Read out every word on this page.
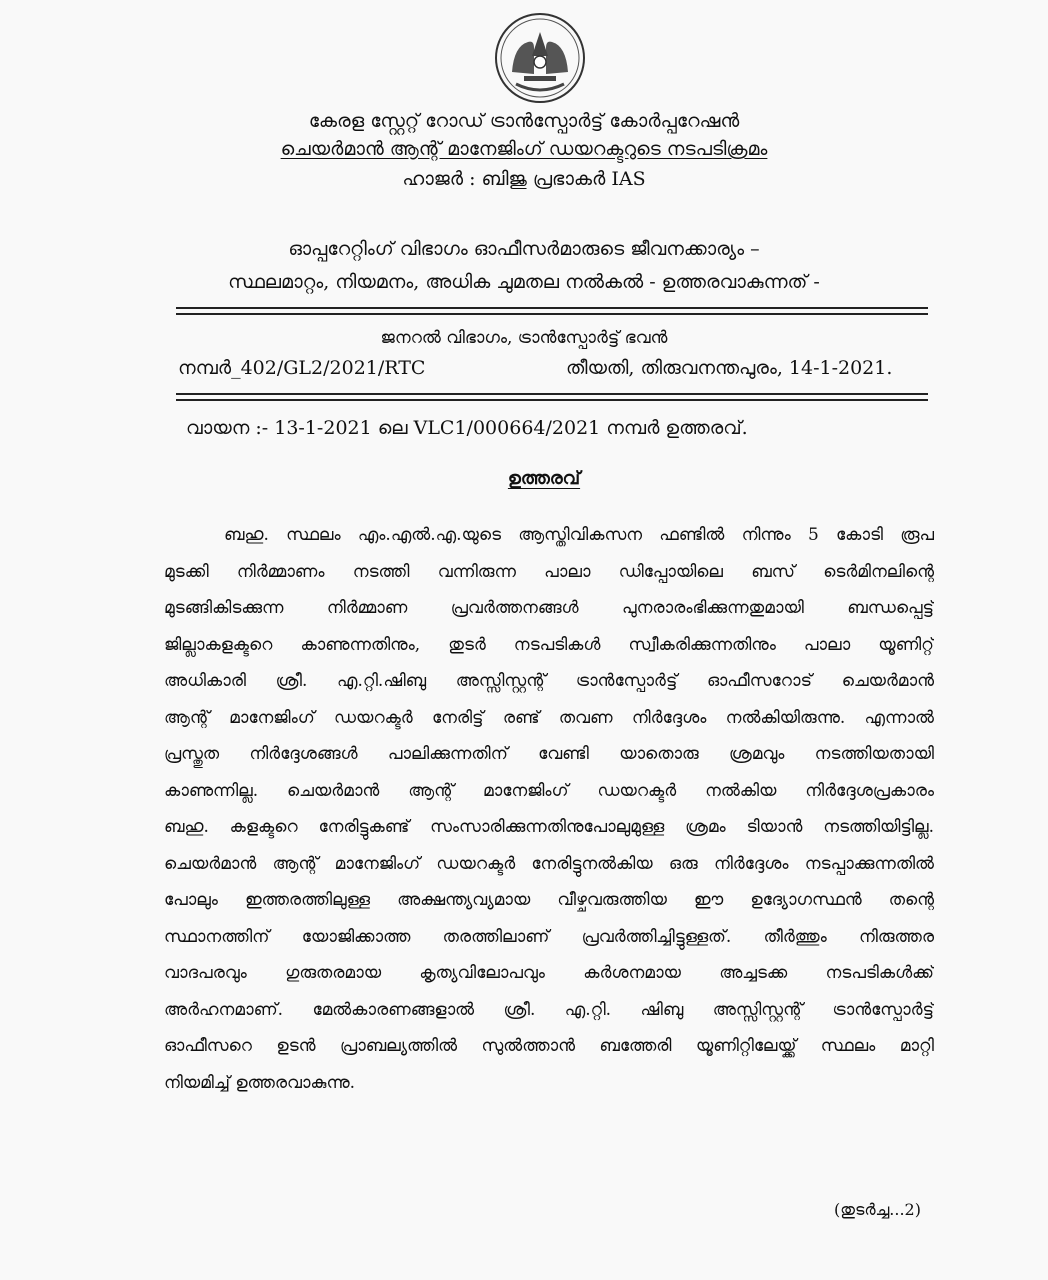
കേരള സ്റ്റേറ്റ് റോഡ് ട്രാൻസ്പോർട്ട് കോർപ്പറേഷൻ
ചെയർമാൻ ആന്റ് മാനേജിംഗ് ഡയറക്ടറുടെ നടപടിക്രമം
ഹാജർ : ബിജു പ്രഭാകർ IAS
ഓപ്പറേറ്റിംഗ് വിഭാഗം ഓഫീസർമാരുടെ ജീവനക്കാര്യം –
സ്ഥലമാറ്റം, നിയമനം, അധിക ചുമതല നൽകൽ - ഉത്തരവാകുന്നത് -
ജനറൽ വിഭാഗം, ട്രാൻസ്പോർട്ട് ഭവൻ
നമ്പർ_402/GL2/2021/RTC	തീയതി, തിരുവനന്തപുരം, 14-1-2021.
വായന :- 13-1-2021 ലെ VLC1/000664/2021 നമ്പർ ഉത്തരവ്.
ഉത്തരവ്
ബഹു. സ്ഥലം എം.എൽ.എ.യുടെ ആസ്തിവികസന ഫണ്ടിൽ നിന്നും 5 കോടി രൂപ
മുടക്കി നിർമ്മാണം നടത്തി വന്നിരുന്ന പാലാ ഡിപ്പോയിലെ ബസ് ടെർമിനലിന്റെ
മുടങ്ങികിടക്കുന്ന നിർമ്മാണ പ്രവർത്തനങ്ങൾ പുനരാരംഭിക്കുന്നതുമായി ബന്ധപ്പെട്ട്
ജില്ലാകളക്ടറെ കാണുന്നതിനും, തുടർ നടപടികൾ സ്വീകരിക്കുന്നതിനും പാലാ യൂണിറ്റ്
അധികാരി ശ്രീ. എ.റ്റി.ഷിബു അസ്സിസ്റ്റന്റ് ട്രാൻസ്പോർട്ട് ഓഫീസറോട് ചെയർമാൻ
ആന്റ് മാനേജിംഗ് ഡയറക്ടർ നേരിട്ട് രണ്ട് തവണ നിർദ്ദേശം നൽകിയിരുന്നു. എന്നാൽ
പ്രസ്തുത നിർദ്ദേശങ്ങൾ പാലിക്കുന്നതിന് വേണ്ടി യാതൊരു ശ്രമവും നടത്തിയതായി
കാണുന്നില്ല. ചെയർമാൻ ആന്റ് മാനേജിംഗ് ഡയറക്ടർ നൽകിയ നിർദ്ദേശപ്രകാരം
ബഹു. കളക്ടറെ നേരിട്ടുകണ്ട് സംസാരിക്കുന്നതിനുപോലുമുള്ള ശ്രമം ടിയാൻ നടത്തിയിട്ടില്ല.
ചെയർമാൻ ആന്റ് മാനേജിംഗ് ഡയറക്ടർ നേരിട്ടുനൽകിയ ഒരു നിർദ്ദേശം നടപ്പാക്കുന്നതിൽ
പോലും ഇത്തരത്തിലുള്ള അക്ഷന്ത്യവ്യമായ വീഴ്ചവരുത്തിയ ഈ ഉദ്യോഗസ്ഥൻ തന്റെ
സ്ഥാനത്തിന് യോജിക്കാത്ത തരത്തിലാണ് പ്രവർത്തിച്ചിട്ടുള്ളത്. തീർത്തും നിരുത്തര
വാദപരവും ഗുരുതരമായ കൃത്യവിലോപവും കർശനമായ അച്ചടക്ക നടപടികൾക്ക്
അർഹനമാണ്. മേൽകാരണങ്ങളാൽ ശ്രീ. എ.റ്റി. ഷിബു അസ്സിസ്റ്റന്റ് ട്രാൻസ്പോർട്ട്
ഓഫീസറെ ഉടൻ പ്രാബല്യത്തിൽ സുൽത്താൻ ബത്തേരി യൂണിറ്റിലേയ്ക്ക് സ്ഥലം മാറ്റി
നിയമിച്ച് ഉത്തരവാകുന്നു.
(തുടർച്ച...2)
